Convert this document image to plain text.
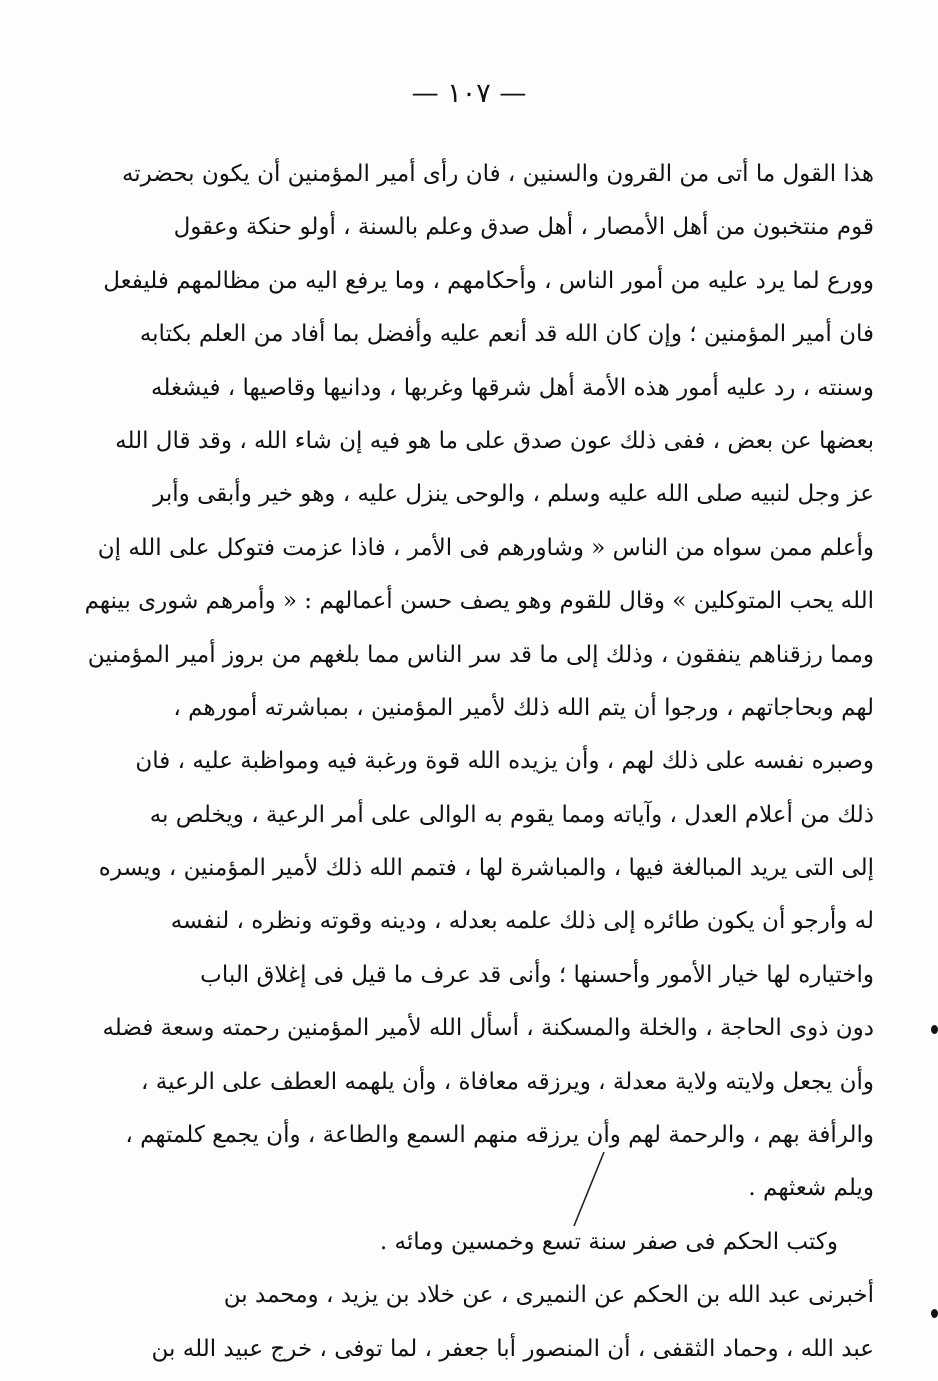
— ١٠٧ —
هذا القول ما أتى من القرون والسنين ، فان رأى أمير المؤمنين أن يكون بحضرته
قوم منتخبون من أهل الأمصار ، أهل صدق وعلم بالسنة ، أولو حنكة وعقول
وورع لما يرد عليه من أمور الناس ، وأحكامهم ، وما يرفع اليه من مظالمهم فليفعل
فان أمير المؤمنين ؛ وإن كان الله قد أنعم عليه وأفضل بما أفاد من العلم بكتابه
وسنته ، رد عليه أمور هذه الأمة أهل شرقها وغربها ، ودانيها وقاصيها ، فيشغله
بعضها عن بعض ، ففى ذلك عون صدق على ما هو فيه إن شاء الله ، وقد قال الله
عز وجل لنبيه صلى الله عليه وسلم ، والوحى ينزل عليه ، وهو خير وأبقى وأبر
وأعلم ممن سواه من الناس « وشاورهم فى الأمر ، فاذا عزمت فتوكل على الله إن
الله يحب المتوكلين » وقال للقوم وهو يصف حسن أعمالهم : « وأمرهم شورى بينهم
ومما رزقناهم ينفقون ، وذلك إلى ما قد سر الناس مما بلغهم من بروز أمير المؤمنين
لهم وبحاجاتهم ، ورجوا أن يتم الله ذلك لأمير المؤمنين ، بمباشرته أمورهم ،
وصبره نفسه على ذلك لهم ، وأن يزيده الله قوة ورغبة فيه ومواظبة عليه ، فان
ذلك من أعلام العدل ، وآياته ومما يقوم به الوالى على أمر الرعية ، ويخلص به
إلى التى يريد المبالغة فيها ، والمباشرة لها ، فتمم الله ذلك لأمير المؤمنين ، ويسره
له وأرجو أن يكون طائره إلى ذلك علمه بعدله ، ودينه وقوته ونظره ، لنفسه
واختياره لها خيار الأمور وأحسنها ؛ وأنى قد عرف ما قيل فى إغلاق الباب
دون ذوى الحاجة ، والخلة والمسكنة ، أسأل الله لأمير المؤمنين رحمته وسعة فضله
وأن يجعل ولايته ولاية معدلة ، ويرزقه معافاة ، وأن يلهمه العطف على الرعية ،
والرأفة بهم ، والرحمة لهم وأن يرزقه منهم السمع والطاعة ، وأن يجمع كلمتهم ،
ويلم شعثهم .
وكتب الحكم فى صفر سنة تسع وخمسين ومائه .
أخبرنى عبد الله بن الحكم عن النميرى ، عن خلاد بن يزيد ، ومحمد بن
عبد الله ، وحماد الثقفى ، أن المنصور أبا جعفر ، لما توفى ، خرج عبيد الله بن
